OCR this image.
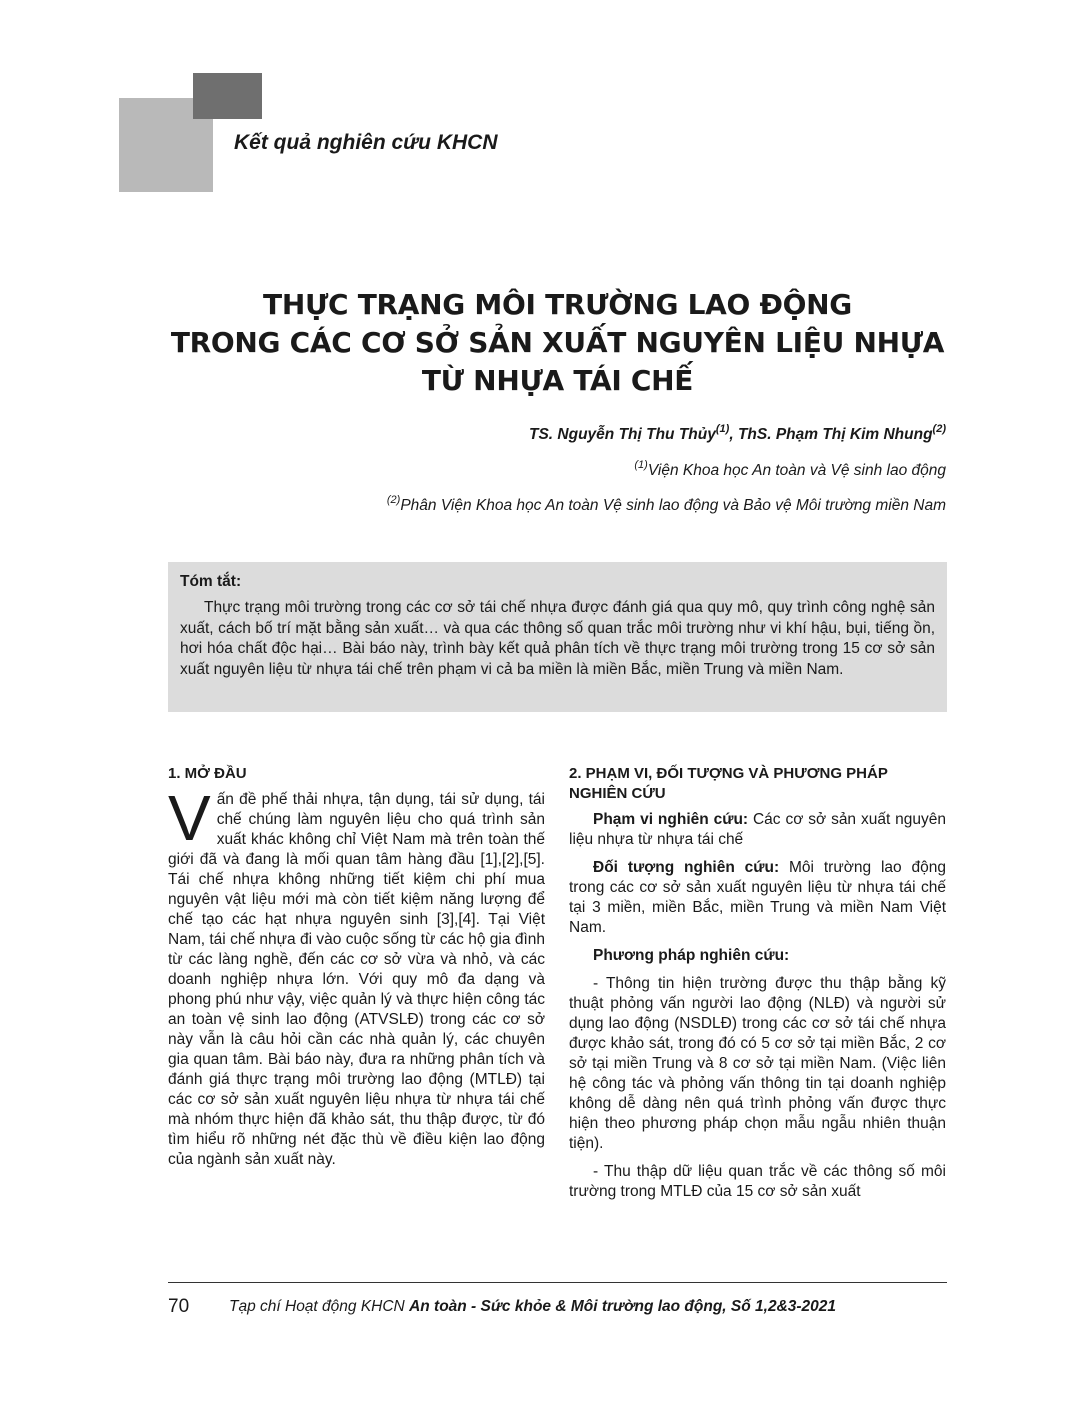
Kết quả nghiên cứu KHCN
THỰC TRẠNG MÔI TRƯỜNG LAO ĐỘNG
TRONG CÁC CƠ SỞ SẢN XUẤT NGUYÊN LIỆU NHỰA
TỪ NHỰA TÁI CHẾ
TS. Nguyễn Thị Thu Thủy$^{(1)}$, ThS. Phạm Thị Kim Nhung$^{(2)}$
$^{(1)}$Viện Khoa học An toàn và Vệ sinh lao động
$^{(2)}$Phân Viện Khoa học An toàn Vệ sinh lao động và Bảo vệ Môi trường miền Nam
Tóm tắt:
Thực trạng môi trường trong các cơ sở tái chế nhựa được đánh giá qua quy mô, quy trình công nghệ sản xuất, cách bố trí mặt bằng sản xuất… và qua các thông số quan trắc môi trường như vi khí hậu, bụi, tiếng ồn, hơi hóa chất độc hại… Bài báo này, trình bày kết quả phân tích về thực trạng môi trường trong 15 cơ sở sản xuất nguyên liệu từ nhựa tái chế trên phạm vi cả ba miền là miền Bắc, miền Trung và miền Nam.
1. MỞ ĐẦU

Vấn đề phế thải nhựa, tận dụng, tái sử dụng, tái chế chúng làm nguyên liệu cho quá trình sản xuất khác không chỉ Việt Nam mà trên toàn thế giới đã và đang là mối quan tâm hàng đầu [1],[2],[5]. Tái chế nhựa không những tiết kiệm chi phí mua nguyên vật liệu mới mà còn tiết kiệm năng lượng để chế tạo các hạt nhựa nguyên sinh [3],[4]. Tại Việt Nam, tái chế nhựa đi vào cuộc sống từ các hộ gia đình từ các làng nghề, đến các cơ sở vừa và nhỏ, và các doanh nghiệp nhựa lớn. Với quy mô đa dạng và phong phú như vậy, việc quản lý và thực hiện công tác an toàn vệ sinh lao động (ATVSLĐ) trong các cơ sở này vẫn là câu hỏi cần các nhà quản lý, các chuyên gia quan tâm. Bài báo này, đưa ra những phân tích và đánh giá thực trạng môi trường lao động (MTLĐ) tại các cơ sở sản xuất nguyên liệu nhựa từ nhựa tái chế mà nhóm thực hiện đã khảo sát, thu thập được, từ đó tìm hiểu rõ những nét đặc thù về điều kiện lao động của ngành sản xuất này.

2. PHẠM VI, ĐỐI TƯỢNG VÀ PHƯƠNG PHÁP NGHIÊN CỨU

Phạm vi nghiên cứu: Các cơ sở sản xuất nguyên liệu nhựa từ nhựa tái chế

Đối tượng nghiên cứu: Môi trường lao động trong các cơ sở sản xuất nguyên liệu từ nhựa tái chế tại 3 miền, miền Bắc, miền Trung và miền Nam Việt Nam.

Phương pháp nghiên cứu:

- Thông tin hiện trường được thu thập bằng kỹ thuật phỏng vấn người lao động (NLĐ) và người sử dụng lao động (NSDLĐ) trong các cơ sở tái chế nhựa được khảo sát, trong đó có 5 cơ sở tại miền Bắc, 2 cơ sở tại miền Trung và 8 cơ sở tại miền Nam. (Việc liên hệ công tác và phỏng vấn thông tin tại doanh nghiệp không dễ dàng nên quá trình phỏng vấn được thực hiện theo phương pháp chọn mẫu ngẫu nhiên thuận tiện).

- Thu thập dữ liệu quan trắc về các thông số môi trường trong MTLĐ của 15 cơ sở sản xuất

70	Tạp chí Hoạt động KHCN An toàn - Sức khỏe & Môi trường lao động, Số 1,2&3-2021
